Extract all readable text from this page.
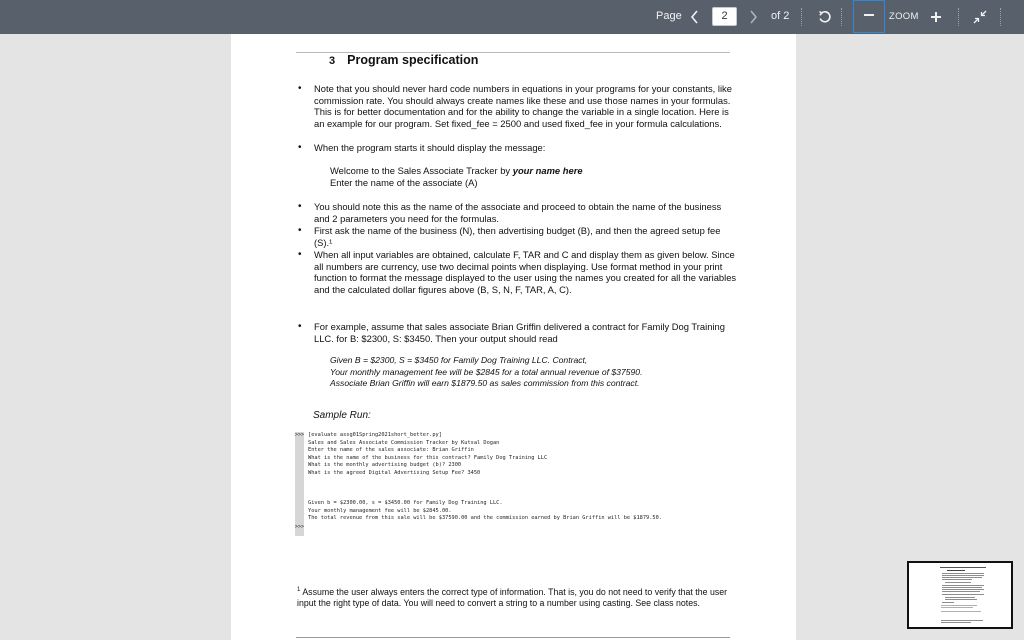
Page	2	of 2	ZOOM
3 Program specification
• Note that you should never hard code numbers in equations in your programs for your constants, like commission rate. You should always create names like these and use those names in your formulas. This is for better documentation and for the ability to change the variable in a single location. Here is an example for our program. Set fixed_fee = 2500 and used fixed_fee in your formula calculations.
• When the program starts it should display the message:
Welcome to the Sales Associate Tracker by your name here
Enter the name of the associate (A)
• You should note this as the name of the associate and proceed to obtain the name of the business and 2 parameters you need for the formulas.
• First ask the name of the business (N), then advertising budget (B), and then the agreed setup fee (S).¹
• When all input variables are obtained, calculate F, TAR and C and display them as given below. Since all numbers are currency, use two decimal points when displaying. Use format method in your print function to format the message displayed to the user using the names you created for all the variables and the calculated dollar figures above (B, S, N, F, TAR, A, C).
• For example, assume that sales associate Brian Griffin delivered a contract for Family Dog Training LLC. for B: $2300, S: $3450. Then your output should read
Given B = $2300, S = $3450 for Family Dog Training LLC. Contract,
Your monthly management fee will be $2845 for a total annual revenue of $37590.
Associate Brian Griffin will earn $1879.50 as sales commission from this contract.
Sample Run:
>>> [evaluate assg01Spring2021short_better.py]
Sales and Sales Associate Commission Tracker by Kutsal Dogan
Enter the name of the sales associate: Brian Griffin
What is the name of the business for this contract? Family Dog Training LLC
What is the monthly advertising budget (b)? 2300
What is the agreed Digital Advertising Setup Fee? 3450
Given b = $2300.00, s = $3450.00 for Family Dog Training LLC.
Your monthly management fee will be $2845.00.
The total revenue from this sale will be $37590.00 and the commission earned by Brian Griffin will be $1879.50.
>>>
$^1$ Assume the user always enters the correct type of information. That is, you do not need to verify that the user input the right type of data. You will need to convert a string to a number using casting. See class notes.
